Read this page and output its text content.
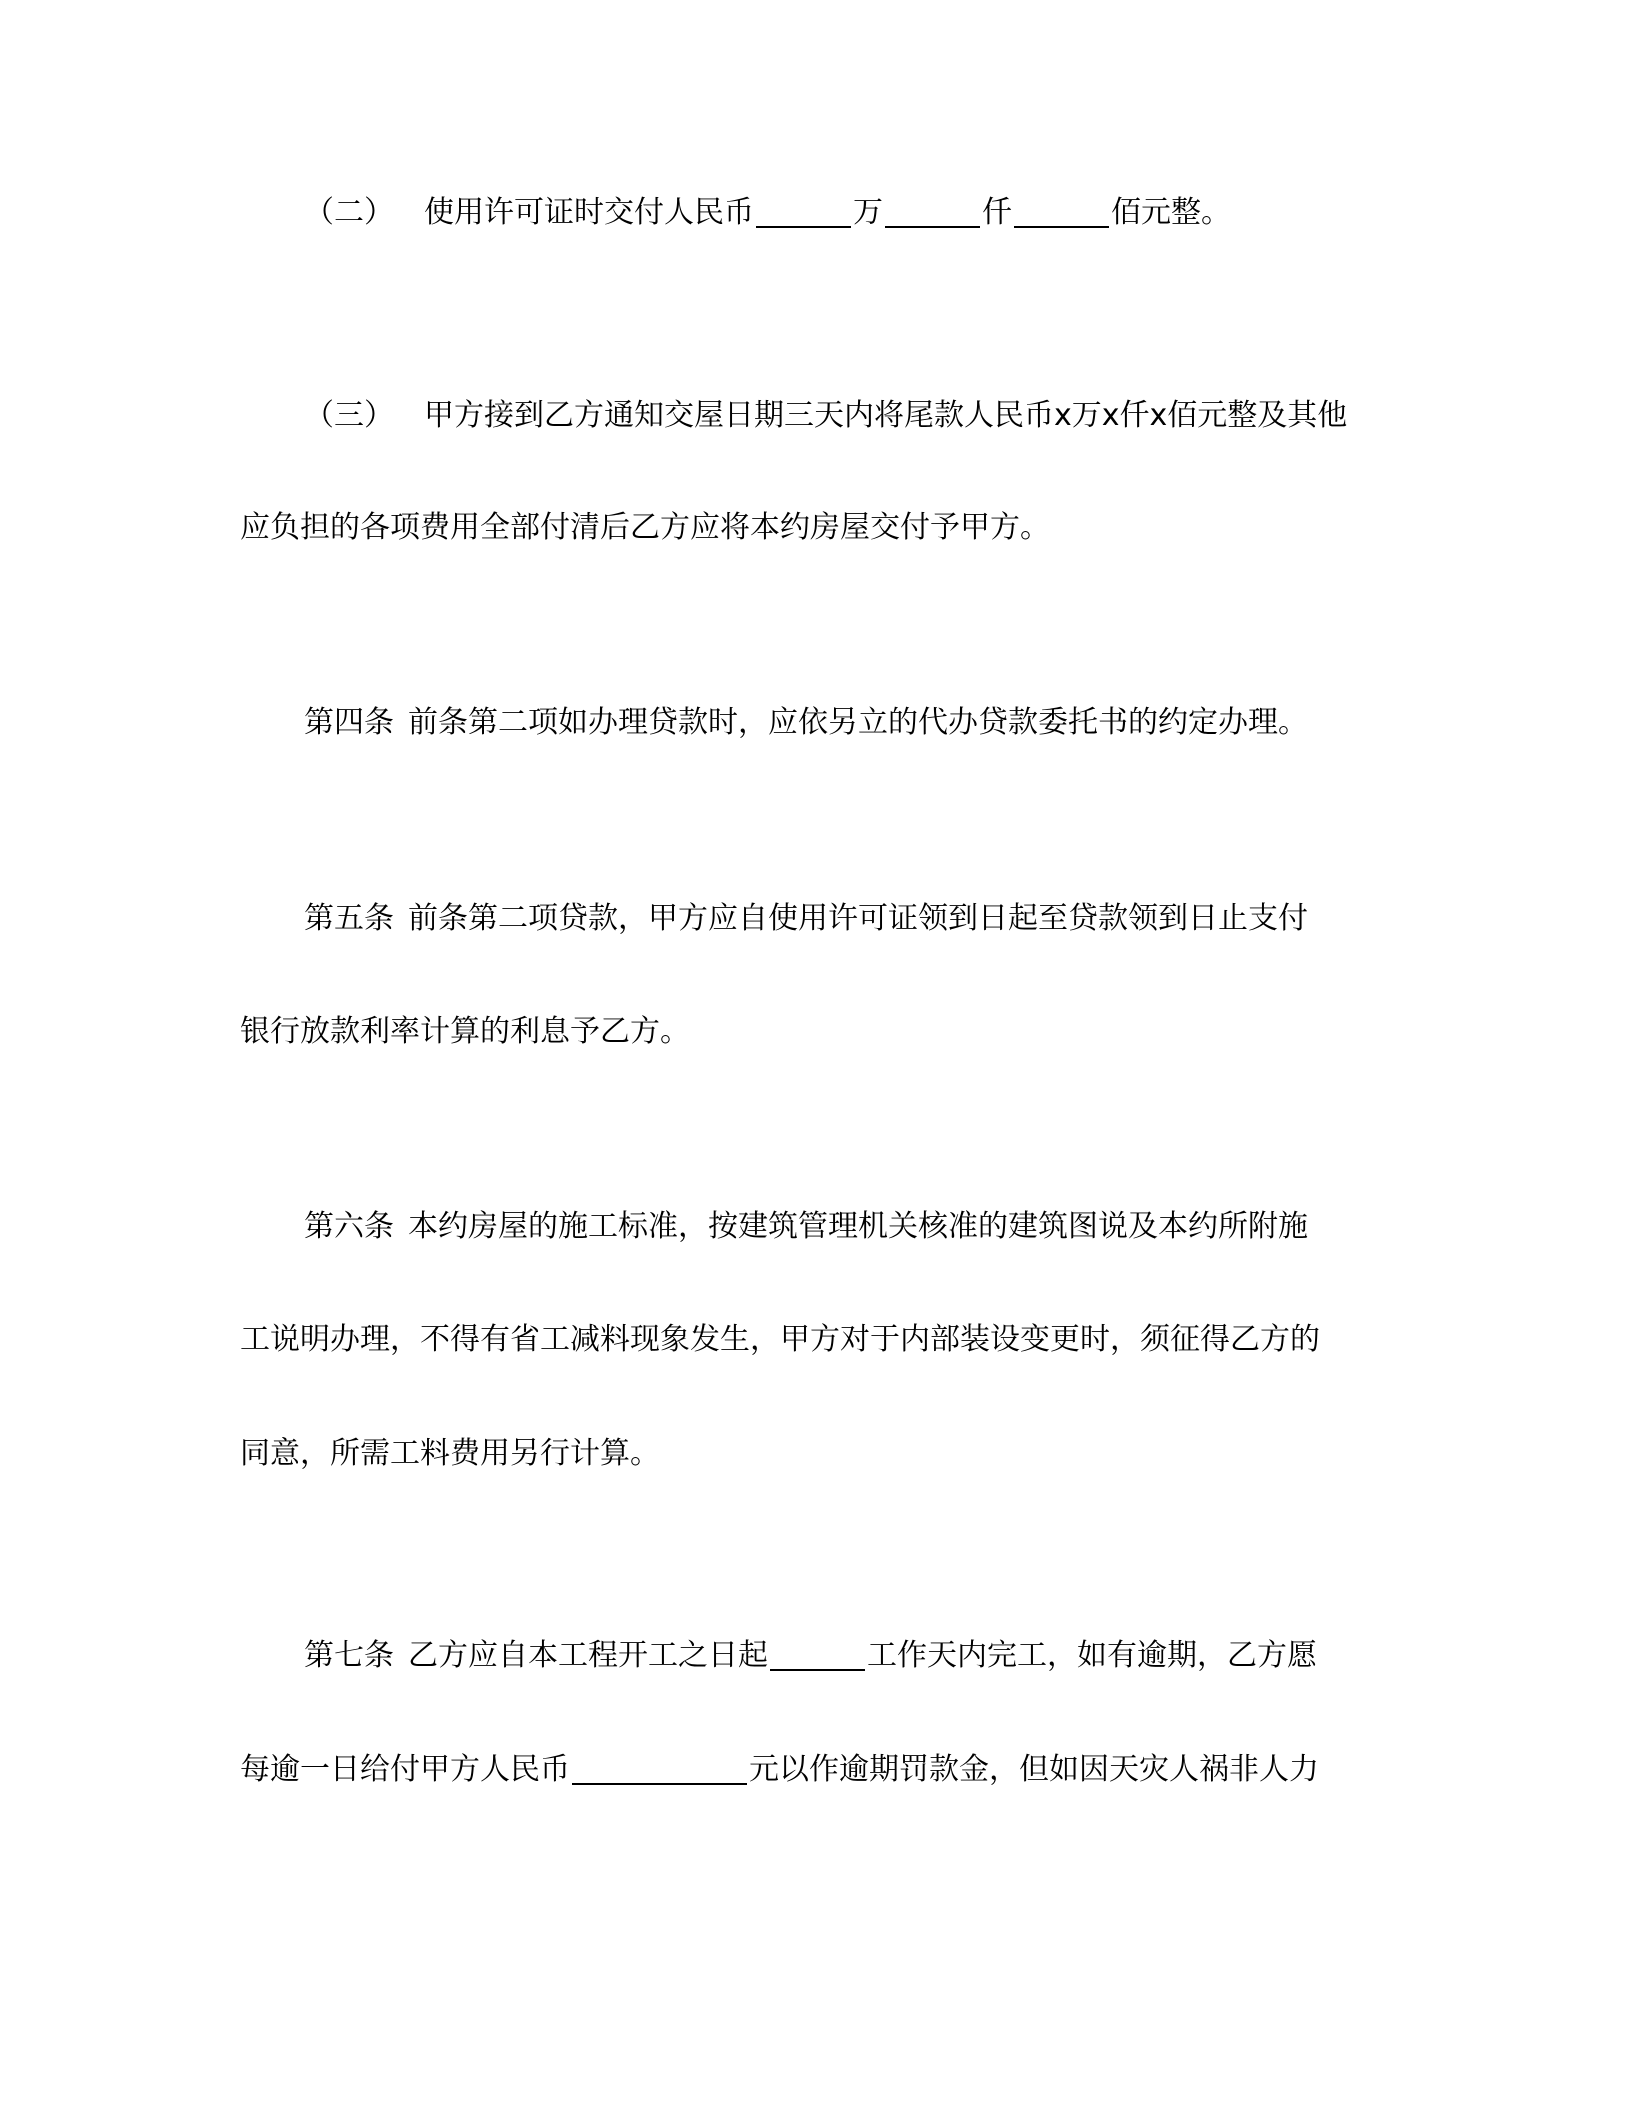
（二） 使用许可证时交付人民币	万	仟	佰元整。
（三） 甲方接到乙方通知交屋日期三天内将尾款人民币x万x仟x佰元整及其他
应负担的各项费用全部付清后乙方应将本约房屋交付予甲方。
第四条 前条第二项如办理贷款时，应依另立的代办贷款委托书的约定办理。
第五条 前条第二项贷款，甲方应自使用许可证领到日起至贷款领到日止支付
银行放款利率计算的利息予乙方。
第六条 本约房屋的施工标准，按建筑管理机关核准的建筑图说及本约所附施
工说明办理，不得有省工减料现象发生，甲方对于内部装设变更时，须征得乙方的
同意，所需工料费用另行计算。
第七条 乙方应自本工程开工之日起	工作天内完工，如有逾期，乙方愿
每逾一日给付甲方人民币	元以作逾期罚款金，但如因天灾人祸非人力
